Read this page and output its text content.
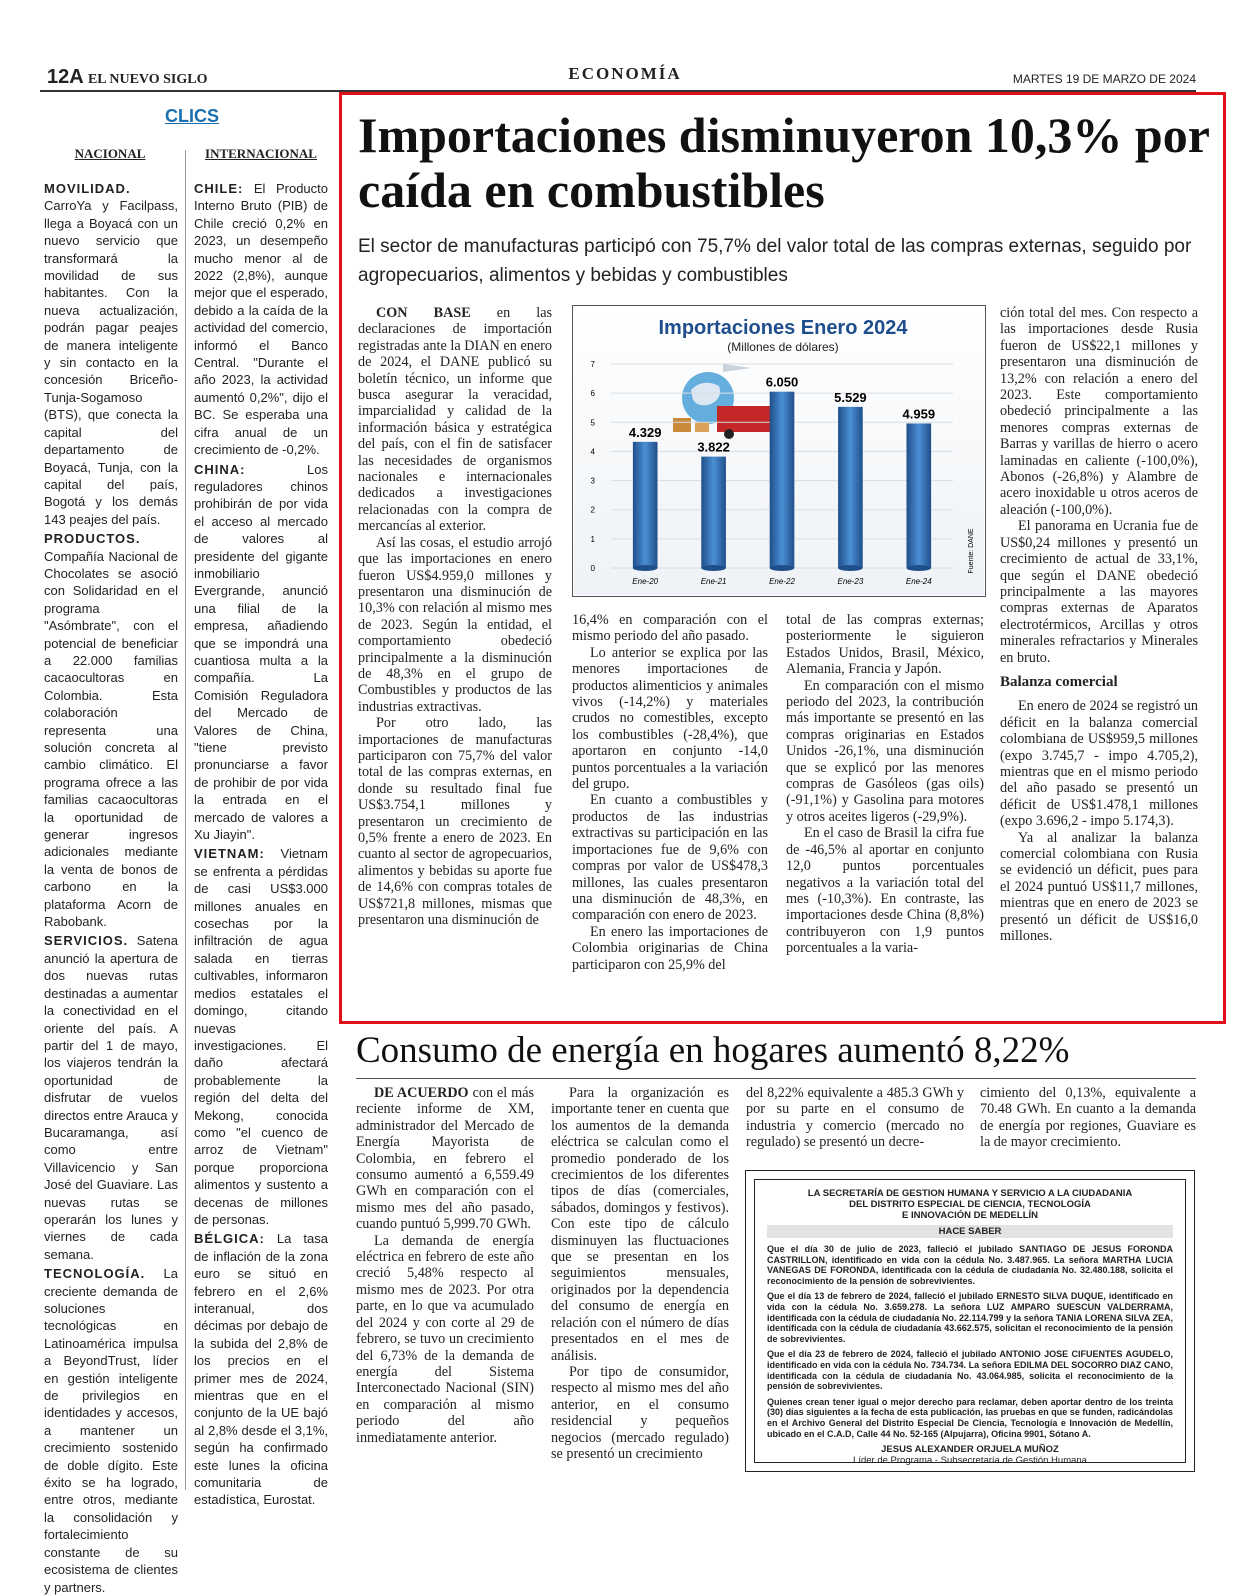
12A EL NUEVO SIGLO	ECONOMÍA	MARTES 19 DE MARZO DE 2024
CLICS
NACIONAL	INTERNACIONAL

MOVILIDAD. CarroYa y Facilpass, llega a Boyacá con un nuevo servicio que transformará la movilidad de sus habitantes. Con la nueva actualización, podrán pagar peajes de manera inteligente y sin contacto en la concesión Briceño-Tunja-Sogamoso (BTS), que conecta la capital del departamento de Boyacá, Tunja, con la capital del país, Bogotá y los demás 143 peajes del país.

PRODUCTOS. Compañía Nacional de Chocolates se asoció con Solidaridad en el programa "Asómbrate", con el potencial de beneficiar a 22.000 familias cacaocultoras en Colombia. Esta colaboración representa una solución concreta al cambio climático. El programa ofrece a las familias cacaocultoras la oportunidad de generar ingresos adicionales mediante la venta de bonos de carbono en la plataforma Acorn de Rabobank.

SERVICIOS. Satena anunció la apertura de dos nuevas rutas destinadas a aumentar la conectividad en el oriente del país. A partir del 1 de mayo, los viajeros tendrán la oportunidad de disfrutar de vuelos directos entre Arauca y Bucaramanga, así como entre Villavicencio y San José del Guaviare. Las nuevas rutas se operarán los lunes y viernes de cada semana.

TECNOLOGÍA. La creciente demanda de soluciones tecnológicas en Latinoamérica impulsa a BeyondTrust, líder en gestión inteligente de privilegios en identidades y accesos, a mantener un crecimiento sostenido de doble dígito. Este éxito se ha logrado, entre otros, mediante la consolidación y fortalecimiento constante de su ecosistema de clientes y partners.

CHILE: El Producto Interno Bruto (PIB) de Chile creció 0,2% en 2023, un desempeño mucho menor al de 2022 (2,8%), aunque mejor que el esperado, debido a la caída de la actividad del comercio, informó el Banco Central. "Durante el año 2023, la actividad aumentó 0,2%", dijo el BC. Se esperaba una cifra anual de un crecimiento de -0,2%.

CHINA:	Los reguladores chinos prohibirán de por vida el acceso al mercado de valores al presidente del gigante inmobiliario Evergrande, anunció una filial de la empresa, añadiendo que se impondrá una cuantiosa multa a la compañía. La Comisión Reguladora del Mercado de Valores de China, "tiene previsto pronunciarse a favor de prohibir de por vida la entrada en el mercado de valores a Xu Jiayin".

VIETNAM: Vietnam se enfrenta a pérdidas de casi US$3.000 millones anuales en cosechas por la infiltración de agua salada en tierras cultivables, informaron medios estatales el domingo, citando nuevas investigaciones. El daño afectará probablemente la región del delta del Mekong, conocida como "el cuenco de arroz de Vietnam" porque proporciona alimentos y sustento a decenas de millones de personas.

BÉLGICA: La tasa de inflación de la zona euro se situó en febrero en el 2,6% interanual, dos décimas por debajo de la subida del 2,8% de los precios en el primer mes de 2024, mientras que en el conjunto de la UE bajó al 2,8% desde el 3,1%, según ha confirmado este lunes la oficina comunitaria de estadística, Eurostat.

Importaciones disminuyeron 10,3% por caída en combustibles
El sector de manufacturas participó con 75,7% del valor total de las compras externas, seguido por agropecuarios, alimentos y bebidas y combustibles

CON BASE en las declaraciones de importación registradas ante la DIAN en enero de 2024, el DANE publicó su boletín técnico, un informe que busca asegurar la veracidad, imparcialidad y calidad de la información básica y estratégica del país, con el fin de satisfacer las necesidades de organismos nacionales e internacionales dedicados a investigaciones relacionadas con la compra de mercancías al exterior.

Así las cosas, el estudio arrojó que las importaciones en enero fueron US$4.959,0 millones y presentaron una disminución de 10,3% con relación al mismo mes de 2023. Según la entidad, el comportamiento obedeció principalmente a la disminución de 48,3% en el grupo de Combustibles y productos de las industrias extractivas.

Por otro lado, las importaciones de manufacturas participaron con 75,7% del valor total de las compras externas, en donde su resultado final fue US$3.754,1 millones y presentaron un crecimiento de 0,5% frente a enero de 2023. En cuanto al sector de agropecuarios, alimentos y bebidas su aporte fue de 14,6% con compras totales de US$721,8 millones, mismas que presentaron una disminución de

Importaciones Enero 2024
(Millones de dólares)
0
1
2
3
4
5
6
7
4.329
Ene-20
3.822
Ene-21
6.050
Ene-22
5.529
Ene-23
4.959
Ene-24
Fuente: DANE

16,4% en comparación con el mismo periodo del año pasado.

Lo anterior se explica por las menores importaciones de productos alimenticios y animales vivos (-14,2%) y materiales crudos no comestibles, excepto los combustibles (-28,4%), que aportaron en conjunto -14,0 puntos porcentuales a la variación del grupo.

En cuanto a combustibles y productos de las industrias extractivas su participación en las importaciones fue de 9,6% con compras por valor de US$478,3 millones, las cuales presentaron una disminución de 48,3%, en comparación con enero de 2023.

En enero las importaciones de Colombia originarias de China participaron con 25,9% del

total de las compras externas; posteriormente le siguieron Estados Unidos, Brasil, México, Alemania, Francia y Japón.

En comparación con el mismo periodo del 2023, la contribución más importante se presentó en las compras originarias en Estados Unidos -26,1%, una disminución que se explicó por las menores compras de Gasóleos (gas oils) (-91,1%) y Gasolina para motores y otros aceites ligeros (-29,9%).

En el caso de Brasil la cifra fue de -46,5% al aportar en conjunto 12,0 puntos porcentuales negativos a la variación total del mes (-10,3%). En contraste, las importaciones desde China (8,8%) contribuyeron con 1,9 puntos porcentuales a la varia-

ción total del mes. Con respecto a las importaciones desde Rusia fueron de US$22,1 millones y presentaron una disminución de 13,2% con relación a enero del 2023. Este comportamiento obedeció principalmente a las menores compras externas de Barras y varillas de hierro o acero laminadas en caliente (-100,0%), Abonos (-26,8%) y Alambre de acero inoxidable u otros aceros de aleación (-100,0%).

El panorama en Ucrania fue de US$0,24 millones y presentó un crecimiento de actual de 33,1%, que según el DANE obedeció principalmente a las mayores compras externas de Aparatos electrotérmicos, Arcillas y otros minerales refractarios y Minerales en bruto.

Balanza comercial

En enero de 2024 se registró un déficit en la balanza comercial colombiana de US$959,5 millones (expo 3.745,7 - impo 4.705,2), mientras que en el mismo periodo del año pasado se presentó un déficit de US$1.478,1 millones (expo 3.696,2 - impo 5.174,3).

Ya al analizar la balanza comercial colombiana con Rusia se evidenció un déficit, pues para el 2024 puntuó US$11,7 millones, mientras que en enero de 2023 se presentó un déficit de US$16,0 millones.

Consumo de energía en hogares aumentó 8,22%

DE ACUERDO con el más reciente informe de XM, administrador del Mercado de Energía Mayorista de Colombia, en febrero el consumo aumentó a 6,559.49 GWh en comparación con el mismo mes del año pasado, cuando puntuó 5,999.70 GWh.

La demanda de energía eléctrica en febrero de este año creció 5,48% respecto al mismo mes de 2023. Por otra parte, en lo que va acumulado del 2024 y con corte al 29 de febrero, se tuvo un crecimiento del 6,73% de la demanda de energía del Sistema Interconectado Nacional (SIN) en comparación al mismo periodo del año inmediatamente anterior.

Para la organización es importante tener en cuenta que los aumentos de la demanda eléctrica se calculan como el promedio ponderado de los crecimientos de los diferentes tipos de días (comerciales, sábados, domingos y festivos). Con este tipo de cálculo disminuyen las fluctuaciones que se presentan en los seguimientos mensuales, originados por la dependencia del consumo de energía en relación con el número de días presentados en el mes de análisis.

Por tipo de consumidor, respecto al mismo mes del año anterior, en el consumo residencial y pequeños negocios (mercado regulado) se presentó un crecimiento

del 8,22% equivalente a 485.3 GWh y por su parte en el consumo de industria y comercio (mercado no regulado) se presentó un decre-

cimiento del 0,13%, equivalente a 70.48 GWh. En cuanto a la demanda de energía por regiones, Guaviare es la de mayor crecimiento.

LA SECRETARÍA DE GESTION HUMANA Y SERVICIO A LA CIUDADANIA
DEL DISTRITO ESPECIAL DE CIENCIA, TECNOLOGÍA
E INNOVACIÓN DE MEDELLÍN
HACE SABER
Que el día 30 de julio de 2023, falleció el jubilado SANTIAGO DE JESUS FORONDA CASTRILLON, identificado en vida con la cédula No. 3.487.965. La señora MARTHA LUCIA VANEGAS DE FORONDA, identificada con la cédula de ciudadanía No. 32.480.188, solicita el reconocimiento de la pensión de sobrevivientes.
Que el día 13 de febrero de 2024, falleció el jubilado ERNESTO SILVA DUQUE, identificado en vida con la cédula No. 3.659.278. La señora LUZ AMPARO SUESCUN VALDERRAMA, identificada con la cédula de ciudadanía No. 22.114.799 y la señora TANIA LORENA SILVA ZEA, identificada con la cédula de ciudadanía 43.662.575, solicitan el reconocimiento de la pensión de sobrevivientes.
Que el día 23 de febrero de 2024, falleció el jubilado ANTONIO JOSE CIFUENTES AGUDELO, identificado en vida con la cédula No. 734.734. La señora EDILMA DEL SOCORRO DIAZ CANO, identificada con la cédula de ciudadanía No. 43.064.985, solicita el reconocimiento de la pensión de sobrevivientes.
Quienes crean tener igual o mejor derecho para reclamar, deben aportar dentro de los treinta (30) días siguientes a la fecha de esta publicación, las pruebas en que se funden, radicándolas en el Archivo General del Distrito Especial De Ciencia, Tecnología e Innovación de Medellín, ubicado en el C.A.D, Calle 44 No. 52-165 (Alpujarra), Oficina 9901, Sótano A.
JESUS ALEXANDER ORJUELA MUÑOZ
Líder de Programa - Subsecretaría de Gestión Humana
